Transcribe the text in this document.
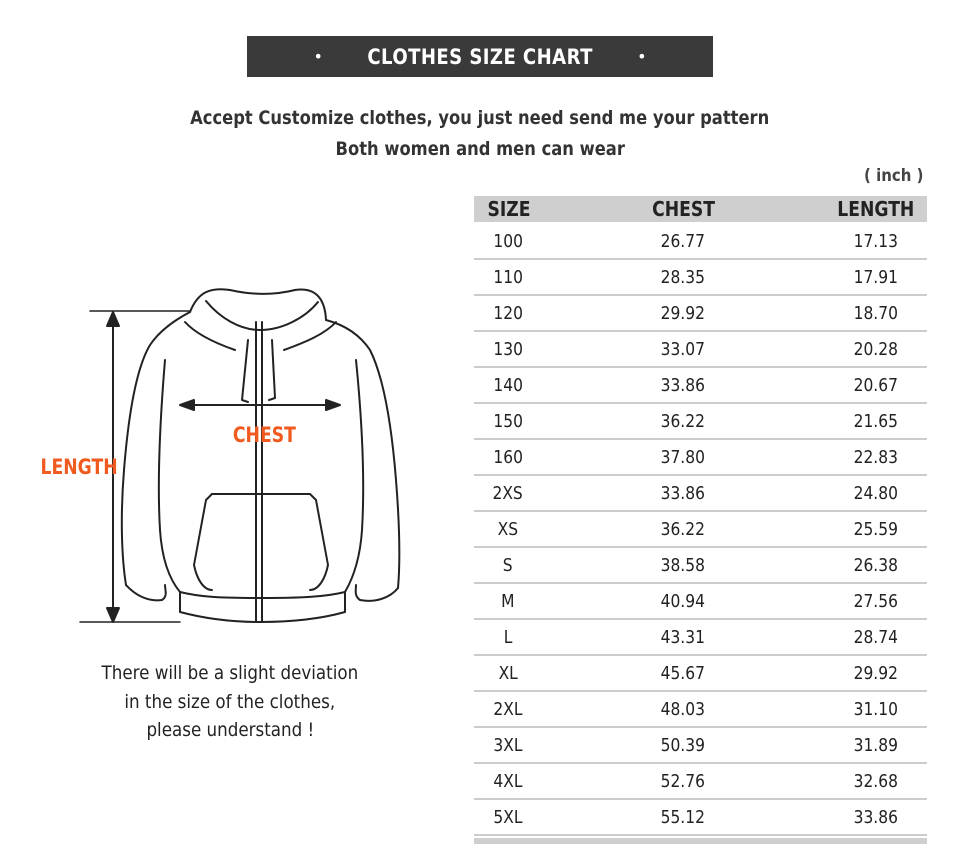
• CLOTHES SIZE CHART	•
Accept Customize clothes, you just need send me your pattern
Both women and men can wear
( inch )
SIZE	CHEST	LENGTH
100	26.77	17.13
110	28.35	17.91
120	29.92	18.70
130	33.07	20.28
140	33.86	20.67
150	36.22	21.65
160	37.80	22.83
2XS	33.86	24.80
XS	36.22	25.59
S	38.58	26.38
M	40.94	27.56
L	43.31	28.74
XL	45.67	29.92
2XL	48.03	31.10
3XL	50.39	31.89
4XL	52.76	32.68
5XL	55.12	33.86
LENGTH
CHEST
There will be a slight deviation
in the size of the clothes,
please understand !
